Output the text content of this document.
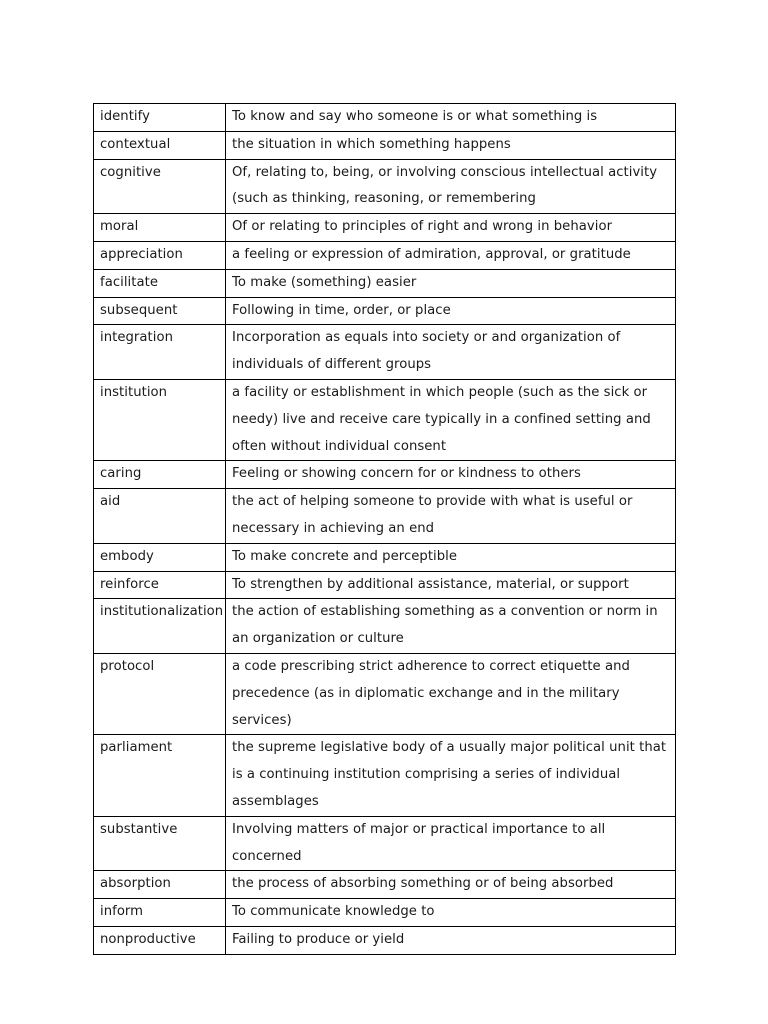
identify	To know and say who someone is or what something is
contextual	the situation in which something happens
cognitive	Of, relating to, being, or involving conscious intellectual activity (such as thinking, reasoning, or remembering
moral	Of or relating to principles of right and wrong in behavior
appreciation	a feeling or expression of admiration, approval, or gratitude
facilitate	To make (something) easier
subsequent	Following in time, order, or place
integration	Incorporation as equals into society or and organization of individuals of different groups
institution	a facility or establishment in which people (such as the sick or needy) live and receive care typically in a confined setting and often without individual consent
caring	Feeling or showing concern for or kindness to others
aid	the act of helping someone to provide with what is useful or necessary in achieving an end
embody	To make concrete and perceptible
reinforce	To strengthen by additional assistance, material, or support
institutionalization	the action of establishing something as a convention or norm in an organization or culture
protocol	a code prescribing strict adherence to correct etiquette and precedence (as in diplomatic exchange and in the military services)
parliament	the supreme legislative body of a usually major political unit that is a continuing institution comprising a series of individual assemblages
substantive	Involving matters of major or practical importance to all concerned
absorption	the process of absorbing something or of being absorbed
inform	To communicate knowledge to
nonproductive	Failing to produce or yield
